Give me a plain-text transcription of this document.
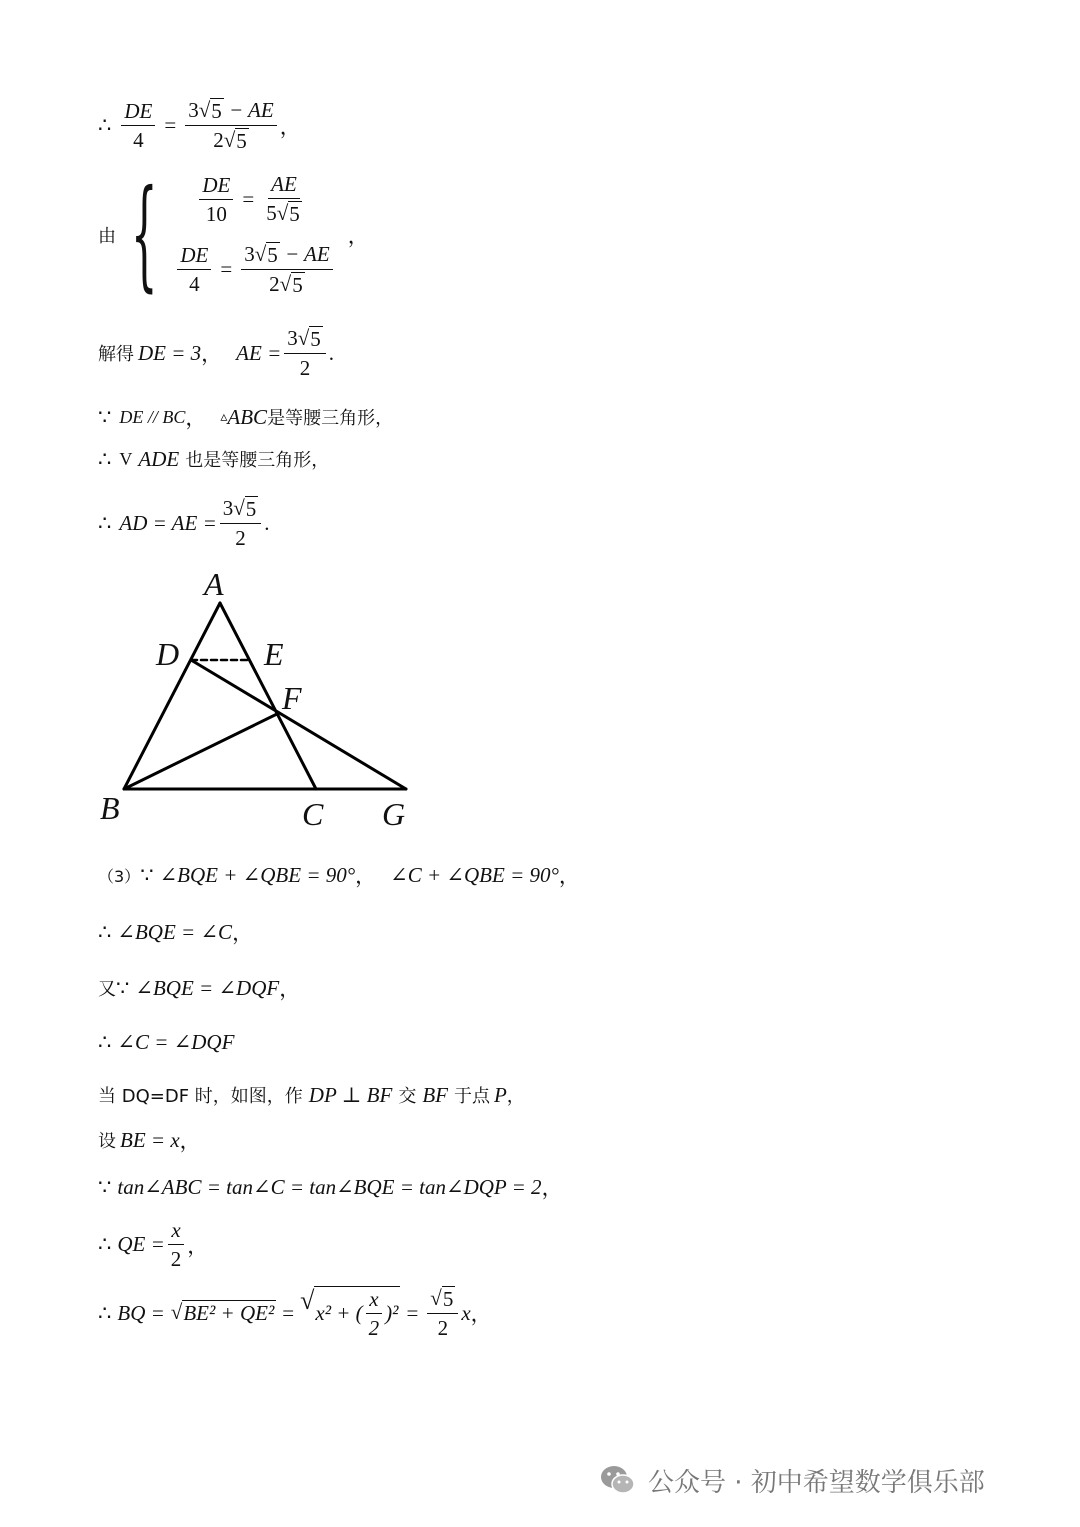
∴ $\frac{DE}{4} = \frac{3√ 5 - AE}{2√ 5}$ ，
由 { $\frac{DE}{10} = \frac{AE}{5√ 5}$
$\frac{DE}{4} = \frac{3√ 5 - AE}{2√ 5}$
，
解得 DE = 3 ， AE = $\frac{3√ 5}{2}$ .
∵ DE // BC ， ▵ ABC 是等腰三角形，
∴ V ADE 也是等腰三角形，
∴ AD = AE = $\frac{3√ 5}{2}$ .
A
D	E
F
B	C G
（3） ∵ ∠BQE + ∠QBE = 90° ， ∠C + ∠QBE = 90° ，
∴ ∠BQE = ∠C ，
又 ∵ ∠BQE = ∠DQF ，
∴ ∠C = ∠DQF
当 DQ=DF 时，如图，作 DP ⊥ BF 交 BF 于点 P ，
设 BE = x ，
∵ tan∠ABC = tan∠C = tan∠BQE = tan∠DQP = 2 ，
∴ QE = $\frac{x}{2}$ ，
∴ BQ = √ BE² + QE² = √ x² + ( $\frac{x}{2} )^2 = \frac{√ 5}{2}$ x ，
公众号 · 初中希望数学俱乐部
